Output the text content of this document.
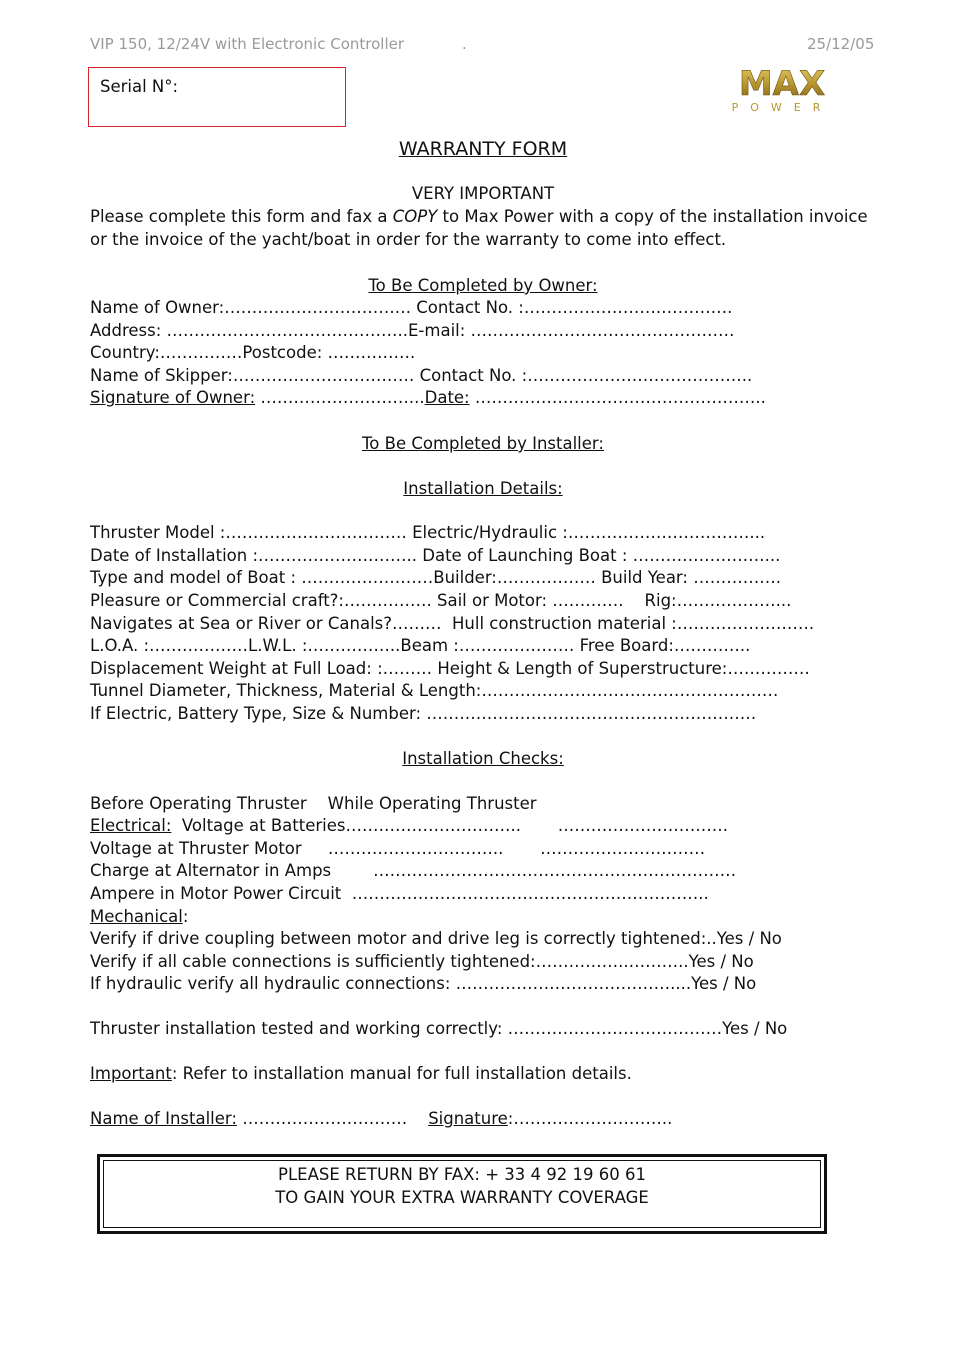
VIP 150, 12/24V with Electronic Controller	.	25/12/05
Serial N°:	MAX
POWER
WARRANTY FORM
VERY IMPORTANT
Please complete this form and fax a COPY to Max Power with a copy of the installation invoice
or the invoice of the yacht/boat in order for the warranty to come into effect.
To Be Completed by Owner:
Name of Owner:……………………………. Contact No. :…………………….………….
Address: ……………………………………..E-mail: …………………………………………
Country:……………Postcode: …………….
Name of Skipper:…………………………… Contact No. :…………………………………..
Signature of Owner: ………………………...Date: ……………………………………………..
To Be Completed by Installer:
Installation Details:
Thruster Model :…………………………… Electric/Hydraulic :……………………………...
Date of Installation :……………………….. Date of Launching Boat : ……………………...
Type and model of Boat : ……………………Builder:……………… Build Year: …………….
Pleasure or Commercial craft?:……………. Sail or Motor: ………….    Rig:………………...
Navigates at Sea or River or Canals?………  Hull construction material :…………………….
L.O.A. :………………L.W.L. :……………..Beam :………………… Free Board:…………..
Displacement Weight at Full Load: :……… Height & Length of Superstructure:……………
Tunnel Diameter, Thickness, Material & Length:………………………………………………
If Electric, Battery Type, Size & Number: ……………………………………………………
Installation Checks:
Before Operating Thruster    While Operating Thruster
Electrical:  Voltage at Batteries…………………………..       ………………………….
Voltage at Thruster Motor     …………………………..       …………………………
Charge at Alternator in Amps        …………………………………………………………
Ampere in Motor Power Circuit  ………………………………………………………..
Mechanical:
Verify if drive coupling between motor and drive leg is correctly tightened:..Yes / No
Verify if all cable connections is sufficiently tightened:……………..………..Yes / No
If hydraulic verify all hydraulic connections: …………………………………....Yes / No
Thruster installation tested and working correctly: …………………………………Yes / No
Important: Refer to installation manual for full installation details.
Name of Installer: …………………………    Signature:………………………..
PLEASE RETURN BY FAX: + 33 4 92 19 60 61
TO GAIN YOUR EXTRA WARRANTY COVERAGE
